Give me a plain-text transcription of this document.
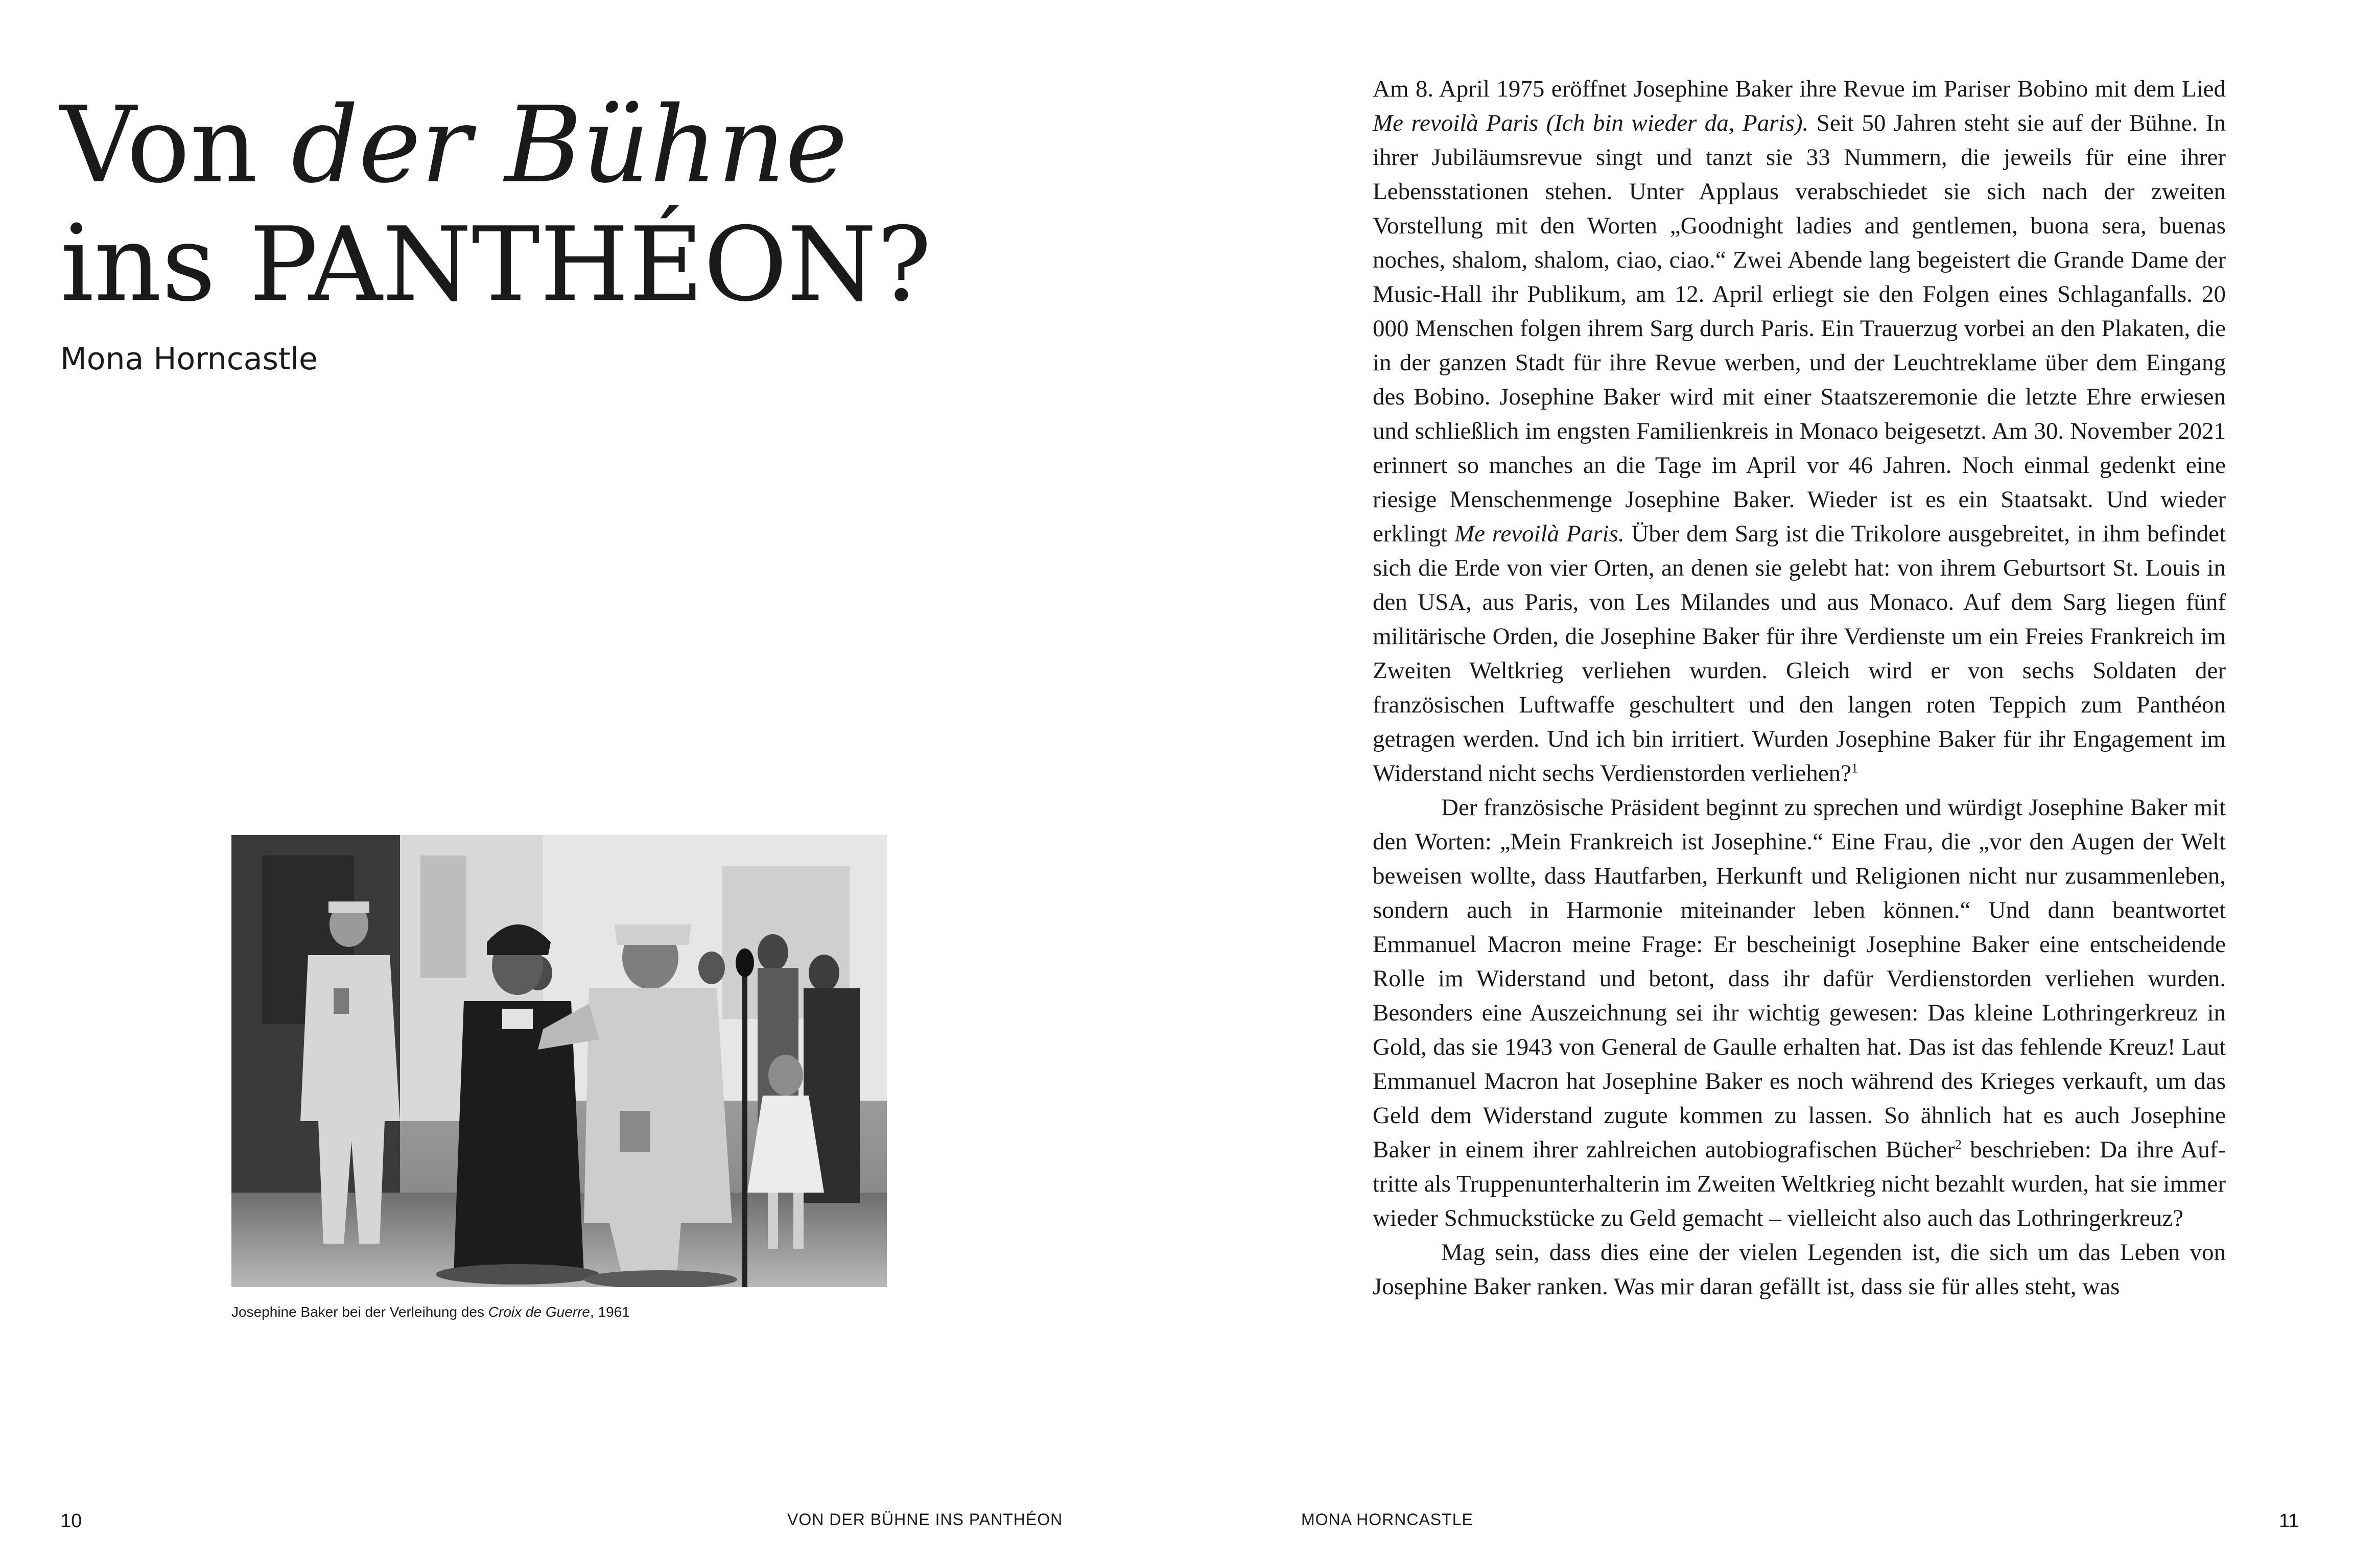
Von der Bühne
ins PANTHÉON?
Mona Horncastle
Josephine Baker bei der Verleihung des Croix de Guerre, 1961
10	VON DER BÜHNE INS PANTHÉON

Am 8. April 1975 eröffnet Josephine Baker ihre Revue im Pariser Bobino mit dem Lied Me revoilà Paris (Ich bin wieder da, Paris). Seit 50 Jahren steht sie auf der Bühne. In ihrer Jubiläumsrevue singt und tanzt sie 33 Nummern, die jeweils für eine ihrer Lebensstationen stehen. Unter Applaus verabschiedet sie sich nach der zweiten Vorstellung mit den Worten „Goodnight ladies and gentlemen, buona sera, buenas noches, shalom, shalom, ciao, ciao.“ Zwei Abende lang begeistert die Grande Dame der Music-Hall ihr Publikum, am 12. April erliegt sie den Folgen eines Schlaganfalls. 20 000 Menschen folgen ihrem Sarg durch Paris. Ein Trauerzug vorbei an den Plakaten, die in der ganzen Stadt für ihre Revue werben, und der Leuchtreklame über dem Eingang des Bobino. Josephine Baker wird mit einer Staatszeremonie die letzte Ehre erwiesen und schließlich im engsten Familienkreis in Monaco beigesetzt. Am 30. November 2021 erinnert so manches an die Tage im April vor 46 Jahren. Noch einmal gedenkt eine riesige Menschenmenge Josephine Baker. Wieder ist es ein Staatsakt. Und wieder erklingt Me revoilà Paris. Über dem Sarg ist die Trikolore ausgebreitet, in ihm befindet sich die Erde von vier Orten, an denen sie gelebt hat: von ihrem Geburtsort St. Louis in den USA, aus Paris, von Les Milandes und aus Monaco. Auf dem Sarg liegen fünf militärische Orden, die Josephine Baker für ihre Verdienste um ein Freies Frankreich im Zweiten Weltkrieg verliehen wurden. Gleich wird er von sechs Soldaten der französischen Luftwaffe geschultert und den langen roten Teppich zum Panthéon getragen werden. Und ich bin irritiert. Wurden Josephine Baker für ihr Engagement im Widerstand nicht sechs Verdienstorden verliehen?$^1$

Der französische Präsident beginnt zu sprechen und würdigt Josephine Baker mit den Worten: „Mein Frankreich ist Josephine.“ Eine Frau, die „vor den Augen der Welt beweisen wollte, dass Hautfarben, Herkunft und Religionen nicht nur zusammenleben, sondern auch in Harmonie miteinander leben können.“ Und dann beantwortet Emmanuel Macron meine Frage: Er bescheinigt Josephine Baker eine entscheidende Rolle im Widerstand und betont, dass ihr dafür Verdienstorden verliehen wurden. Besonders eine Auszeichnung sei ihr wichtig gewesen: Das kleine Lothringerkreuz in Gold, das sie 1943 von General de Gaulle erhalten hat. Das ist das fehlende Kreuz! Laut Emmanuel Macron hat Josephine Baker es noch während des Krieges verkauft, um das Geld dem Widerstand zugute kommen zu lassen. So ähnlich hat es auch Josephine Baker in einem ihrer zahlreichen autobiografischen Bücher$^2$ beschrieben: Da ihre Auftritte als Truppenunterhalterin im Zweiten Weltkrieg nicht bezahlt wurden, hat sie immer wieder Schmuckstücke zu Geld gemacht – vielleicht also auch das Lothringerkreuz?

Mag sein, dass dies eine der vielen Legenden ist, die sich um das Leben von Josephine Baker ranken. Was mir daran gefällt ist, dass sie für alles steht, was

MONA HORNCASTLE	11
